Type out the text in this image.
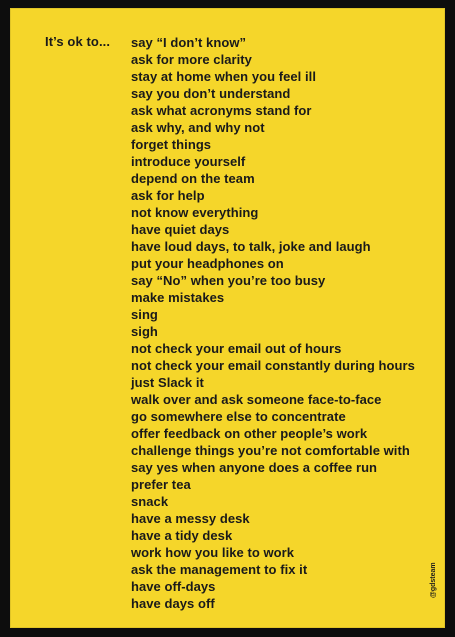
It’s ok to... say “I don’t know”
ask for more clarity
stay at home when you feel ill
say you don’t understand
ask what acronyms stand for
ask why, and why not
forget things
introduce yourself
depend on the team
ask for help
not know everything
have quiet days
have loud days, to talk, joke and laugh
put your headphones on
say “No” when you’re too busy
make mistakes
sing
sigh
not check your email out of hours
not check your email constantly during hours
just Slack it
walk over and ask someone face-to-face
go somewhere else to concentrate
offer feedback on other people’s work
challenge things you’re not comfortable with
say yes when anyone does a coffee run
prefer tea
snack
have a messy desk
have a tidy desk
work how you like to work
ask the management to fix it
have off-days
have days off
@gdsteam
